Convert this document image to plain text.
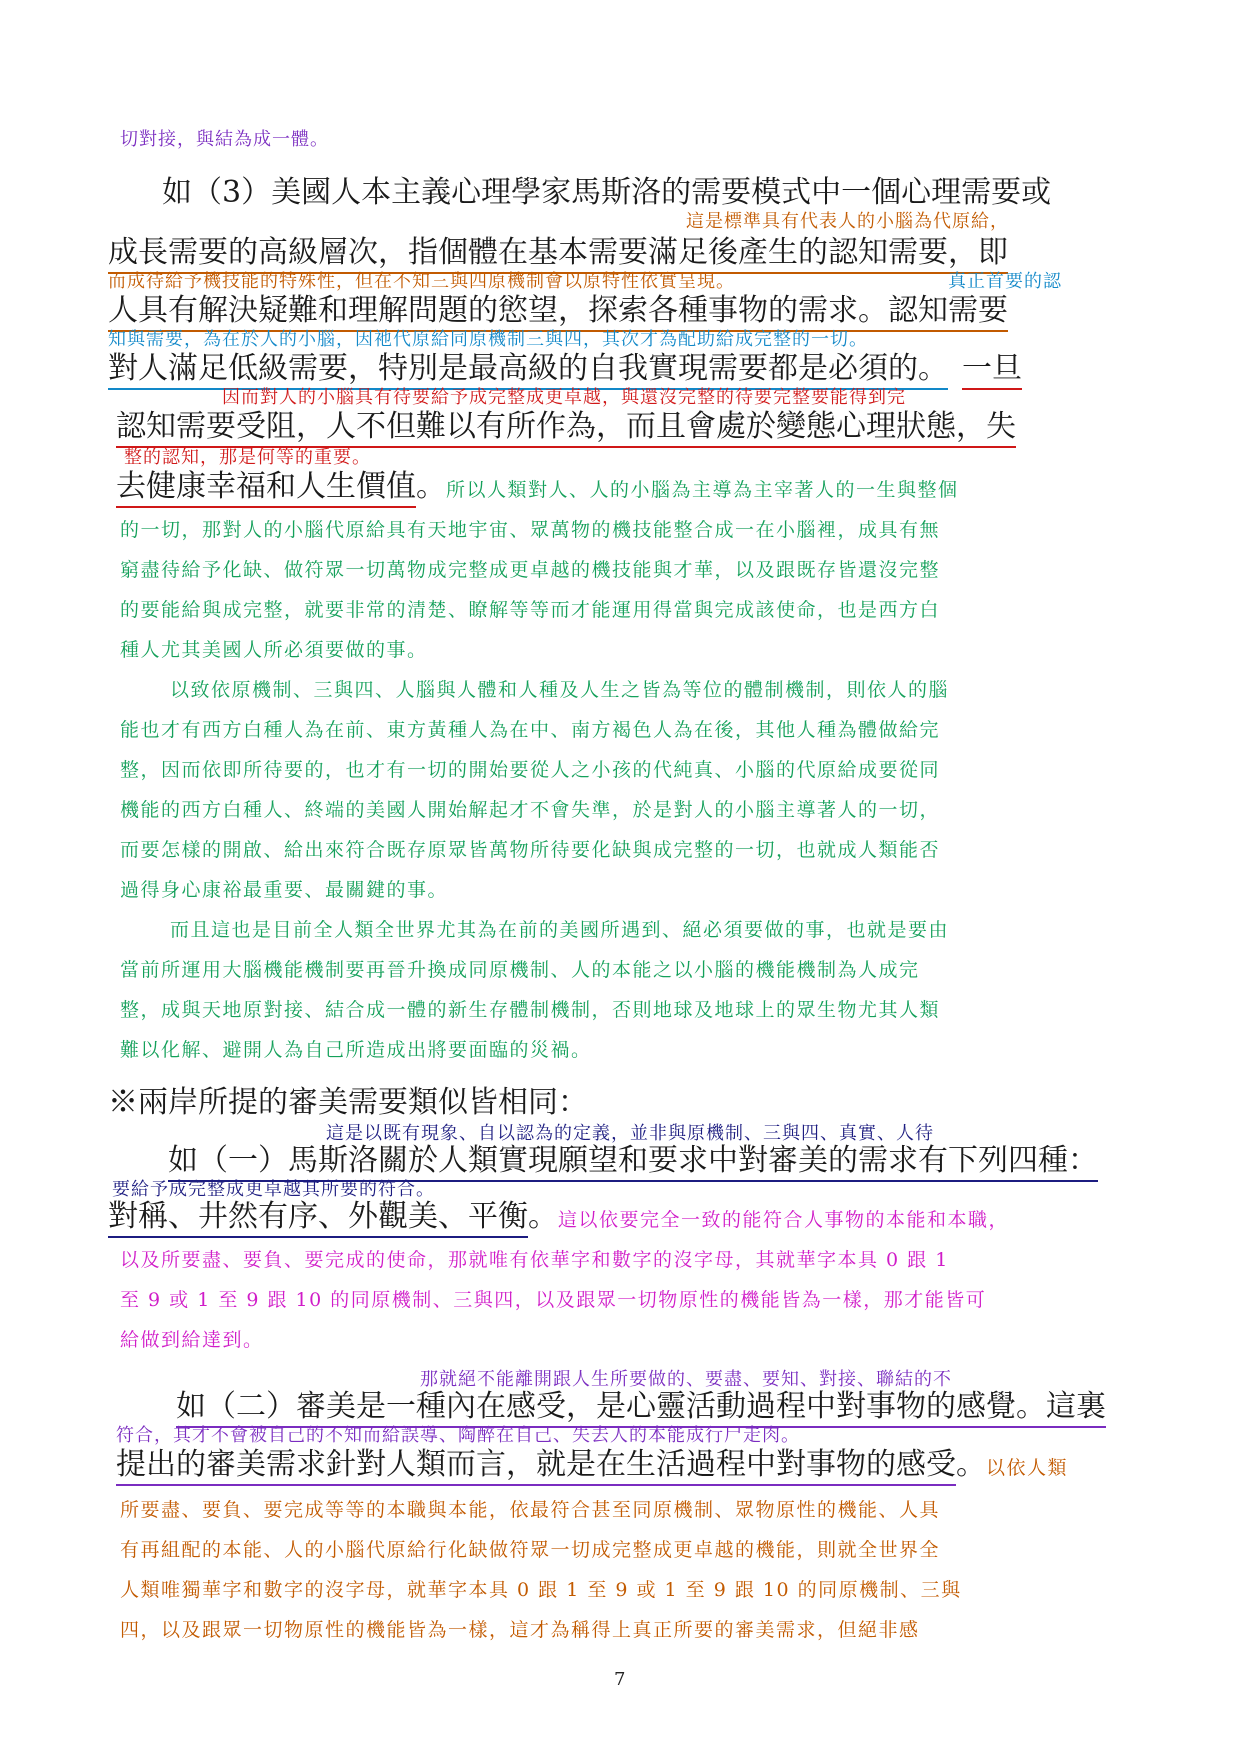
切對接，與結為成一體。

如（3）美國人本主義心理學家馬斯洛的需要模式中一個心理需要或

這是標準具有代表人的小腦為代原給，

成長需要的高級層次，指個體在基本需要滿足後產生的認知需要，即

而成待給予機技能的特殊性，但在不知三與四原機制會以原特性依實呈現。	真正首要的認

人具有解決疑難和理解問題的慾望，探索各種事物的需求。認知需要

知與需要，為在於人的小腦，因祂代原給同原機制三與四，其次才為配助給成完整的一切。

對人滿足低級需要，特別是最高級的自我實現需要都是必須的。 一旦

因而對人的小腦具有待要給予成完整成更卓越，與還沒完整的待要完整要能得到完

認知需要受阻，人不但難以有所作為，而且會處於變態心理狀態，失

整的認知，那是何等的重要。

去健康幸福和人生價值。所以人類對人、人的小腦為主導為主宰著人的一生與整個

的一切，那對人的小腦代原給具有天地宇宙、眾萬物的機技能整合成一在小腦裡，成具有無

窮盡待給予化缺、做符眾一切萬物成完整成更卓越的機技能與才華，以及跟既存皆還沒完整

的要能給與成完整，就要非常的清楚、瞭解等等而才能運用得當與完成該使命，也是西方白

種人尤其美國人所必須要做的事。

以致依原機制、三與四、人腦與人體和人種及人生之皆為等位的體制機制，則依人的腦

能也才有西方白種人為在前、東方黃種人為在中、南方褐色人為在後，其他人種為體做給完

整，因而依即所待要的，也才有一切的開始要從人之小孩的代純真、小腦的代原給成要從同

機能的西方白種人、終端的美國人開始解起才不會失準，於是對人的小腦主導著人的一切，

而要怎樣的開啟、給出來符合既存原眾皆萬物所待要化缺與成完整的一切，也就成人類能否

過得身心康裕最重要、最關鍵的事。

而且這也是目前全人類全世界尤其為在前的美國所遇到、絕必須要做的事，也就是要由

當前所運用大腦機能機制要再晉升換成同原機制、人的本能之以小腦的機能機制為人成完

整，成與天地原對接、結合成一體的新生存體制機制，否則地球及地球上的眾生物尤其人類

難以化解、避開人為自己所造成出將要面臨的災禍。

※兩岸所提的審美需要類似皆相同：

這是以既有現象、自以認為的定義，並非與原機制、三與四、真實、人待

如（一）馬斯洛關於人類實現願望和要求中對審美的需求有下列四種：

要給予成完整成更卓越其所要的符合。

對稱、井然有序、外觀美、平衡。這以依要完全一致的能符合人事物的本能和本職，

以及所要盡、要負、要完成的使命，那就唯有依華字和數字的沒字母，其就華字本具 0 跟 1

至 9 或 1 至 9 跟 10 的同原機制、三與四，以及跟眾一切物原性的機能皆為一樣，那才能皆可

給做到給達到。

那就絕不能離開跟人生所要做的、要盡、要知、對接、聯結的不

如（二）審美是一種內在感受，是心靈活動過程中對事物的感覺。這裏

符合，其才不會被自己的不知而給誤導、陶醉在自己、失去人的本能成行尸走肉。

提出的審美需求針對人類而言，就是在生活過程中對事物的感受。以依人類

所要盡、要負、要完成等等的本職與本能，依最符合甚至同原機制、眾物原性的機能、人具

有再組配的本能、人的小腦代原給行化缺做符眾一切成完整成更卓越的機能，則就全世界全

人類唯獨華字和數字的沒字母，就華字本具 0 跟 1 至 9 或 1 至 9 跟 10 的同原機制、三與

四，以及跟眾一切物原性的機能皆為一樣，這才為稱得上真正所要的審美需求，但絕非感

7
